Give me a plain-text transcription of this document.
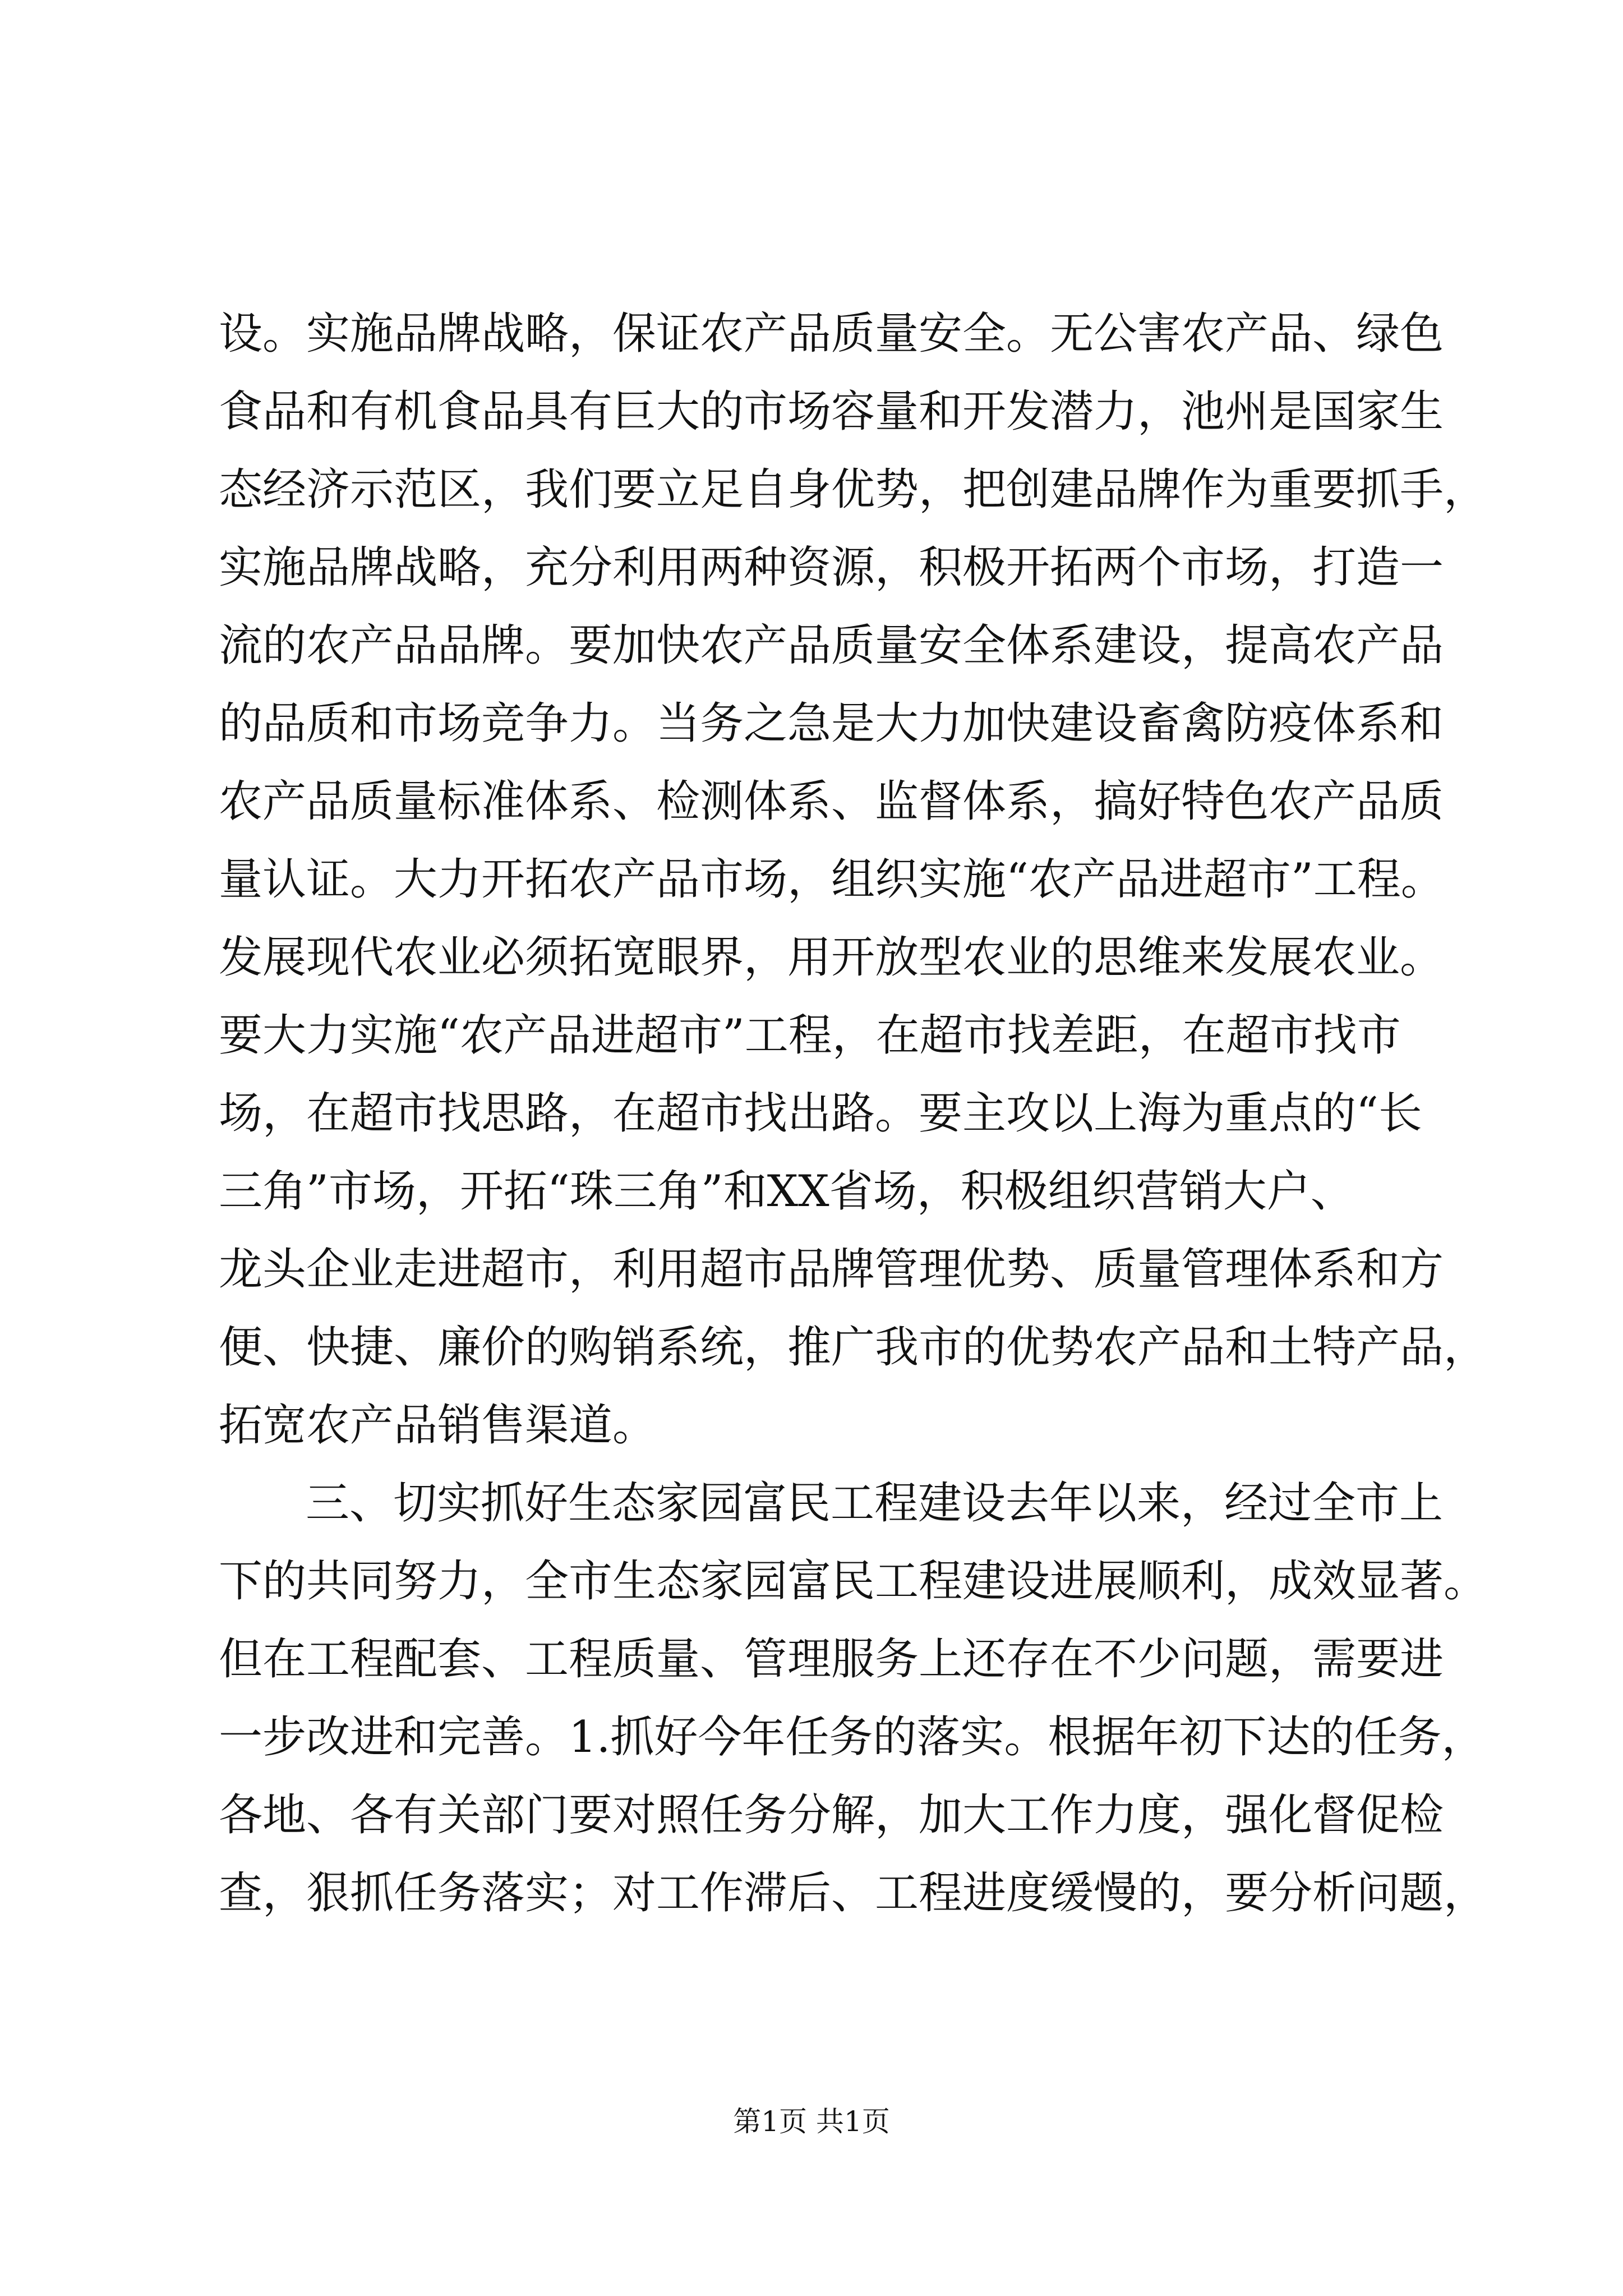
设。实施品牌战略，保证农产品质量安全。无公害农产品、绿色
食品和有机食品具有巨大的市场容量和开发潜力，池州是国家生
态经济示范区，我们要立足自身优势，把创建品牌作为重要抓手，
实施品牌战略，充分利用两种资源，积极开拓两个市场，打造一
流的农产品品牌。要加快农产品质量安全体系建设，提高农产品
的品质和市场竞争力。当务之急是大力加快建设畜禽防疫体系和
农产品质量标准体系、检测体系、监督体系，搞好特色农产品质
量认证。大力开拓农产品市场，组织实施“农产品进超市”工程。
发展现代农业必须拓宽眼界，用开放型农业的思维来发展农业。
要大力实施“农产品进超市”工程，在超市找差距，在超市找市
场，在超市找思路，在超市找出路。要主攻以上海为重点的“长
三角”市场，开拓“珠三角”和XX省场，积极组织营销大户、
龙头企业走进超市，利用超市品牌管理优势、质量管理体系和方
便、快捷、廉价的购销系统，推广我市的优势农产品和土特产品，
拓宽农产品销售渠道。
三、切实抓好生态家园富民工程建设去年以来，经过全市上
下的共同努力，全市生态家园富民工程建设进展顺利，成效显著。
但在工程配套、工程质量、管理服务上还存在不少问题，需要进
一步改进和完善。1.抓好今年任务的落实。根据年初下达的任务，
各地、各有关部门要对照任务分解，加大工作力度，强化督促检
查，狠抓任务落实；对工作滞后、工程进度缓慢的，要分析问题，
第1页 共1页
